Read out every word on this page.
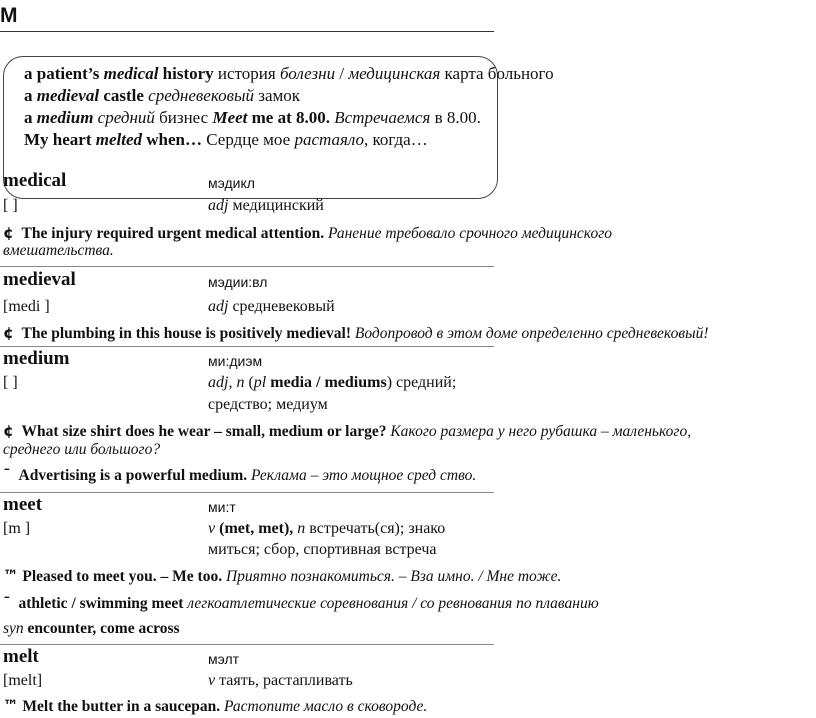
M
a patient’s medical history история болезни / медицинская карта больного
a medieval castle средневековый замок
a medium средний бизнес Meet me at 8.00. Встречаемся в 8.00.
My heart melted when… Сердце мое растаяло, когда…
medical	мэдикл
[ ]	adj медицинский
¢ The injury required urgent medical attention. Ранение требовало срочного медицинского
вмешательства.
medieval	мэдии:вл
[medi ]	adj средневековый
¢ The plumbing in this house is positively medieval! Водопровод в этом доме определенно средневековый!
medium	ми:диэм
[ ]	adj, n (pl media / mediums) средний;
средство; медиум
¢ What size shirt does he wear – small, medium or large? Какого размера у него рубашка – маленького,
среднего или большого?
ˉ Advertising is a powerful medium. Реклама – это мощное сред ство.
meet	ми:т
[m ]	v (met, met), n встречать(ся); знако
миться; сбор, спортивная встреча
™ Pleased to meet you. – Me too. Приятно познакомиться. – Вза имно. / Мне тоже.
ˉ athletic / swimming meet легкоатлетические соревнования / со ревнования по плаванию
syn encounter, come across
melt	мэлт
[melt]	v таять, растапливать
™ Melt the butter in a saucepan. Растопите масло в сковороде.
